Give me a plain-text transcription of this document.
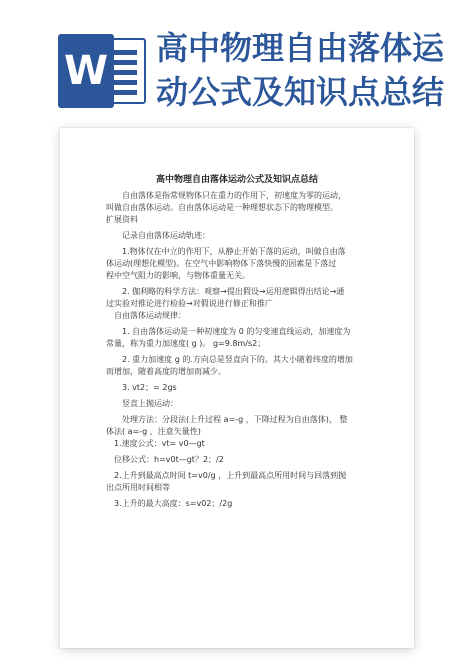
W 高中物理自由落体运动公式及知识点总结
高中物理自由落体运动公式及知识点总结

自由落体是指常规物体只在重力的作用下，初速度为零的运动，

叫做自由落体运动。自由落体运动是一种理想状态下的物理模型。

扩展资料

记录自由落体运动轨迹：

1.物体仅在中立的作用下，从静止开始下落的运动，叫做自由落

体运动(理想化模型)。在空气中影响物体下落快慢的因素是下落过

程中空气阻力的影响，与物体重量无关。

2. 伽利略的科学方法：观察→提出假设→运用逻辑得出结论→通

过实验对推论进行检验→对假说进行修正和推广

自由落体运动规律：

1. 自由落体运动是一种初速度为 0 的匀变速直线运动，加速度为

常量，称为重力加速度( g )。 g=9.8m/s2；

2. 重力加速度 g 的.方向总是竖直向下的。其大小随着纬度的增加

而增加，随着高度的增加而减少。

3. vt2；= 2gs

竖直上抛运动：

处理方法：分段法(上升过程 a=-g ，下降过程为自由落体)， 整

体法( a=-g ，注意矢量性)

1.速度公式：vt= v0—gt

位移公式：h=v0t—gt？2；/2

2.上升到最高点时间 t=v0/g ，上升到最高点所用时间与回落到抛

出点所用时间相等

3.上升的最大高度：s=v02；/2g
